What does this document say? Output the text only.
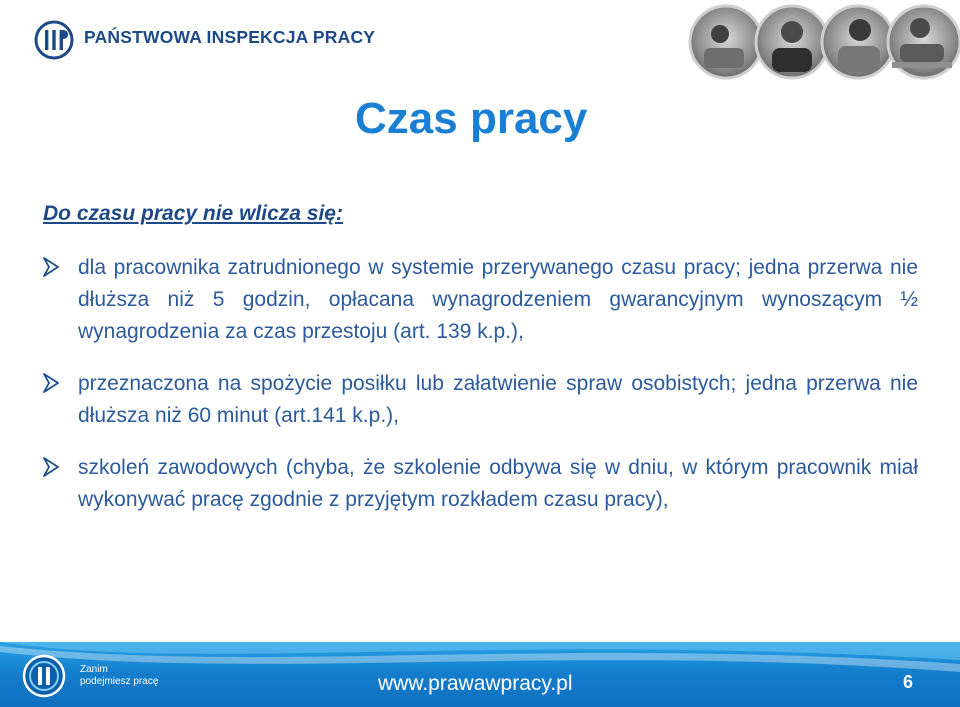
PAŃSTWOWA INSPEKCJA PRACY
Czas pracy
Do czasu pracy nie wlicza się:
dla pracownika zatrudnionego w systemie przerywanego czasu pracy; jedna przerwa nie dłuższa niż 5 godzin, opłacana wynagrodzeniem gwarancyjnym wynoszącym ½ wynagrodzenia za czas przestoju (art. 139 k.p.),
przeznaczona na spożycie posiłku lub załatwienie spraw osobistych; jedna przerwa nie dłuższa niż 60 minut (art.141 k.p.),
szkoleń zawodowych (chyba, że szkolenie odbywa się w dniu, w którym pracownik miał wykonywać pracę zgodnie z przyjętym rozkładem czasu pracy),
Zanim
podejmiesz pracę	www.prawawpracy.pl	6
